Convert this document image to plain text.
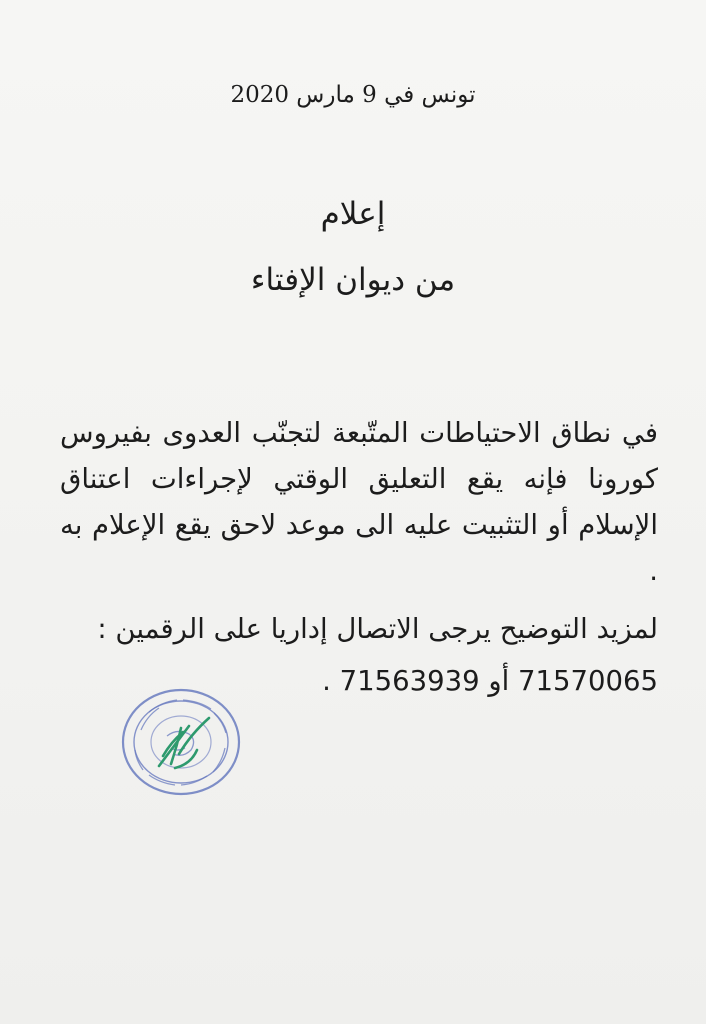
تونس في 9 مارس 2020
إعلام
من ديوان الإفتاء

في نطاق الاحتياطات المتّبعة لتجنّب العدوى بفيروس كورونا فإنه يقع التعليق الوقتي لإجراءات اعتناق الإسلام أو التثبيت عليه الى موعد لاحق يقع الإعلام به .

لمزيد التوضيح يرجى الاتصال إداريا على الرقمين :

71570065 أو 71563939 .
